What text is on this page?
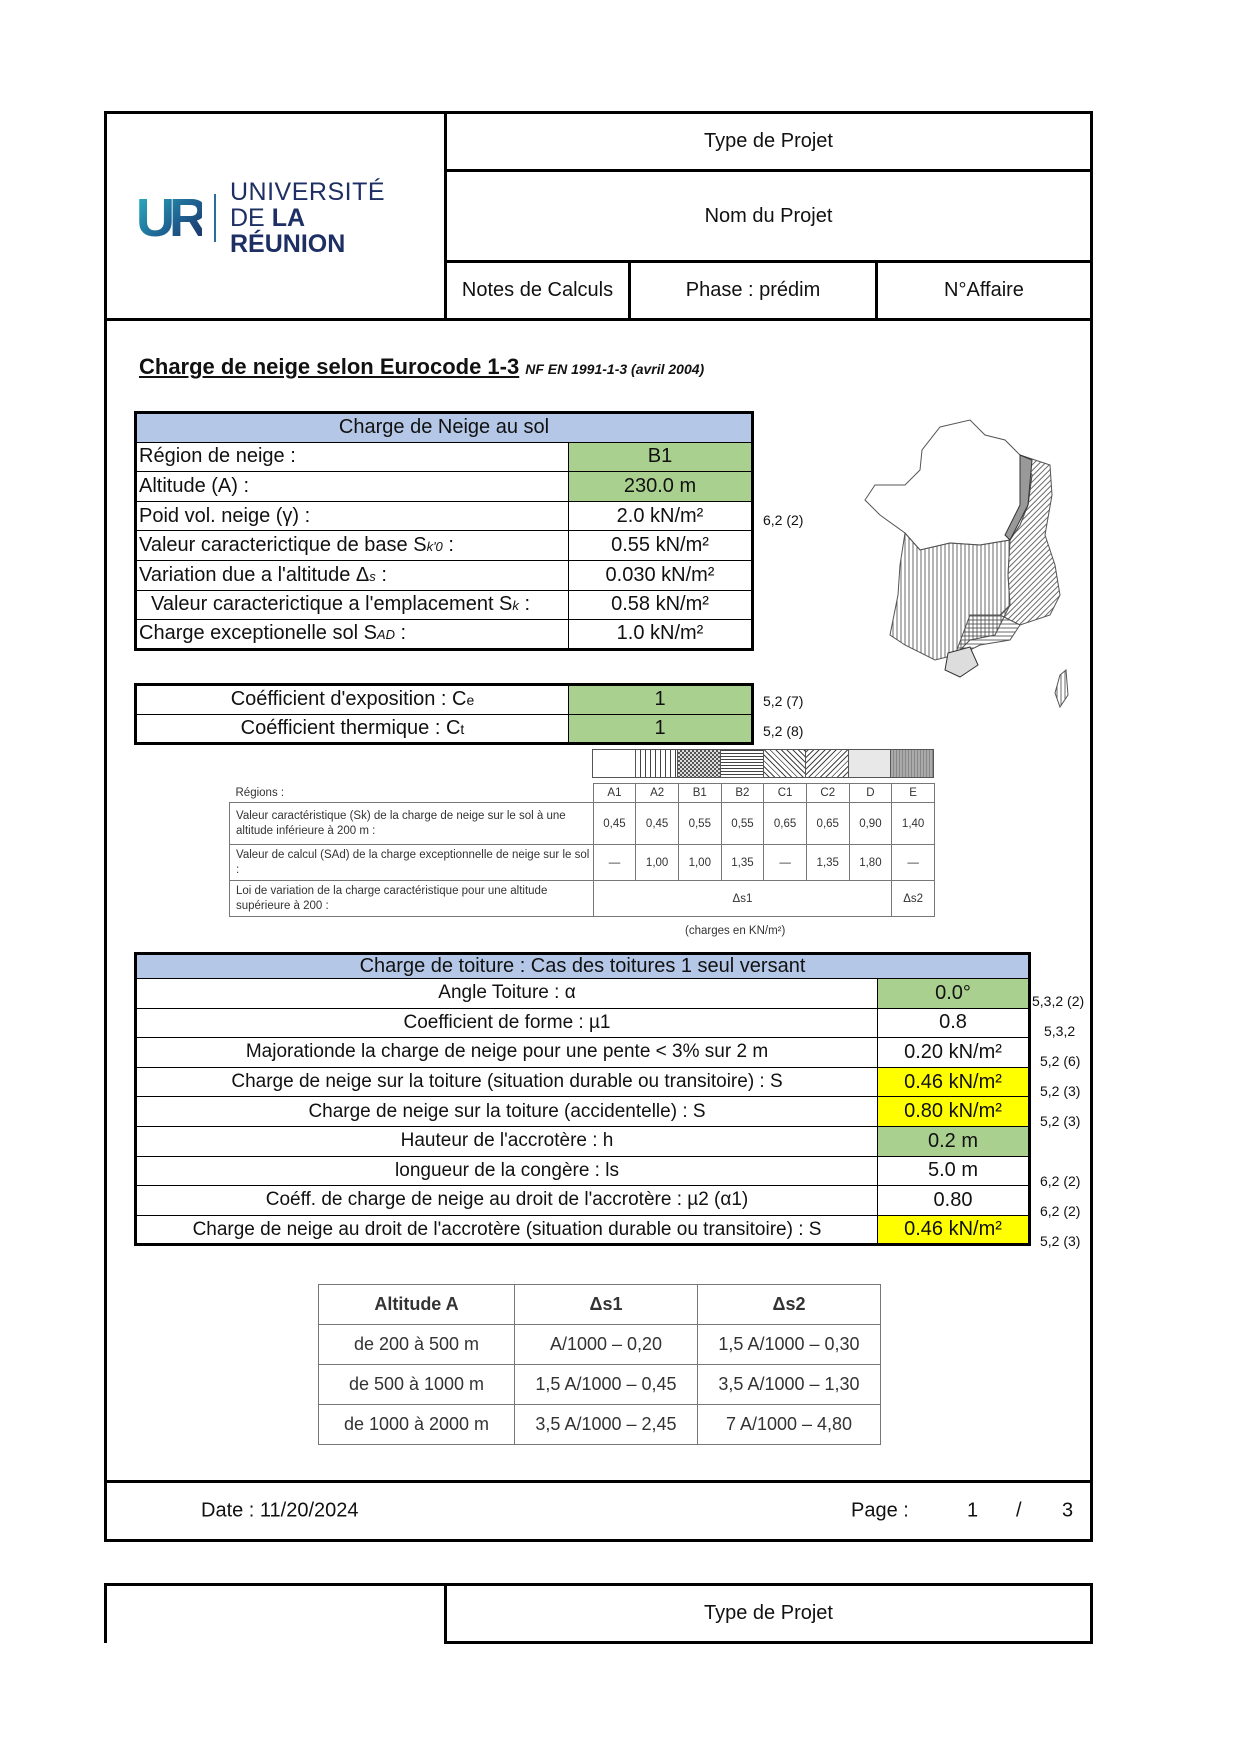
UR UNIVERSITÉ
DE LA RÉUNION
Type de Projet
Nom du Projet
Notes de Calculs	Phase : prédim	N°Affaire
Charge de neige selon Eurocode 1-3 NF EN 1991-1-3 (avril 2004)
Charge de Neige au sol	
Région de neige :	B1
Altitude (A) :	230.0 m
Poid vol. neige (γ) :	2.0 kN/m²
Valeur caracterictique de base Sk'0 :	0.55 kN/m²
Variation due a l'altitude Δs :	0.030 kN/m²
Valeur caracterictique a l'emplacement Sk :	0.58 kN/m²
Charge exceptionelle sol SAD :	1.0 kN/m²
6,2 (2)
Coéfficient d'exposition : Ce	1
Coéfficient thermique : Ct	1
5,2 (7)
5,2 (8)
Régions :	A1	A2	B1	B2	C1	C2	D	E
Valeur caractéristique (Sk) de la charge de neige sur le sol à une altitude inférieure à 200 m :	0,45	0,45	0,55	0,55	0,65	0,65	0,90	1,40
Valeur de calcul (SAd) de la charge exceptionnelle de neige sur le sol :	—	1,00	1,00	1,35	—	1,35	1,80	—
Loi de variation de la charge caractéristique pour une altitude supérieure à 200 :	Δs1							Δs2
(charges en KN/m²)
Charge de toiture : Cas des toitures 1 seul versant	
Angle Toiture : α	0.0°
Coefficient de forme : µ1	0.8
Majorationde la charge de neige pour une pente < 3% sur 2 m	0.20 kN/m²
Charge de neige sur la toiture (situation durable ou transitoire) : S	0.46 kN/m²
Charge de neige sur la toiture (accidentelle) : S	0.80 kN/m²
Hauteur de l'accrotère : h	0.2 m
longueur de la congère : ls	5.0 m
Coéff. de charge de neige au droit de l'accrotère : µ2 (α1)	0.80
Charge de neige au droit de l'accrotère (situation durable ou transitoire) : S	0.46 kN/m²
5,3,2 (2)
5,3,2
5,2 (6)
5,2 (3)
5,2 (3)
6,2 (2)
6,2 (2)
5,2 (3)
Altitude A	Δs1	Δs2
de 200 à 500 m	A/1000 – 0,20	1,5 A/1000 – 0,30
de 500 à 1000 m	1,5 A/1000 – 0,45	3,5 A/1000 – 1,30
de 1000 à 2000 m	3,5 A/1000 – 2,45	7 A/1000 – 4,80
Date : 11/20/2024	Page :	1 / 3
Type de Projet
